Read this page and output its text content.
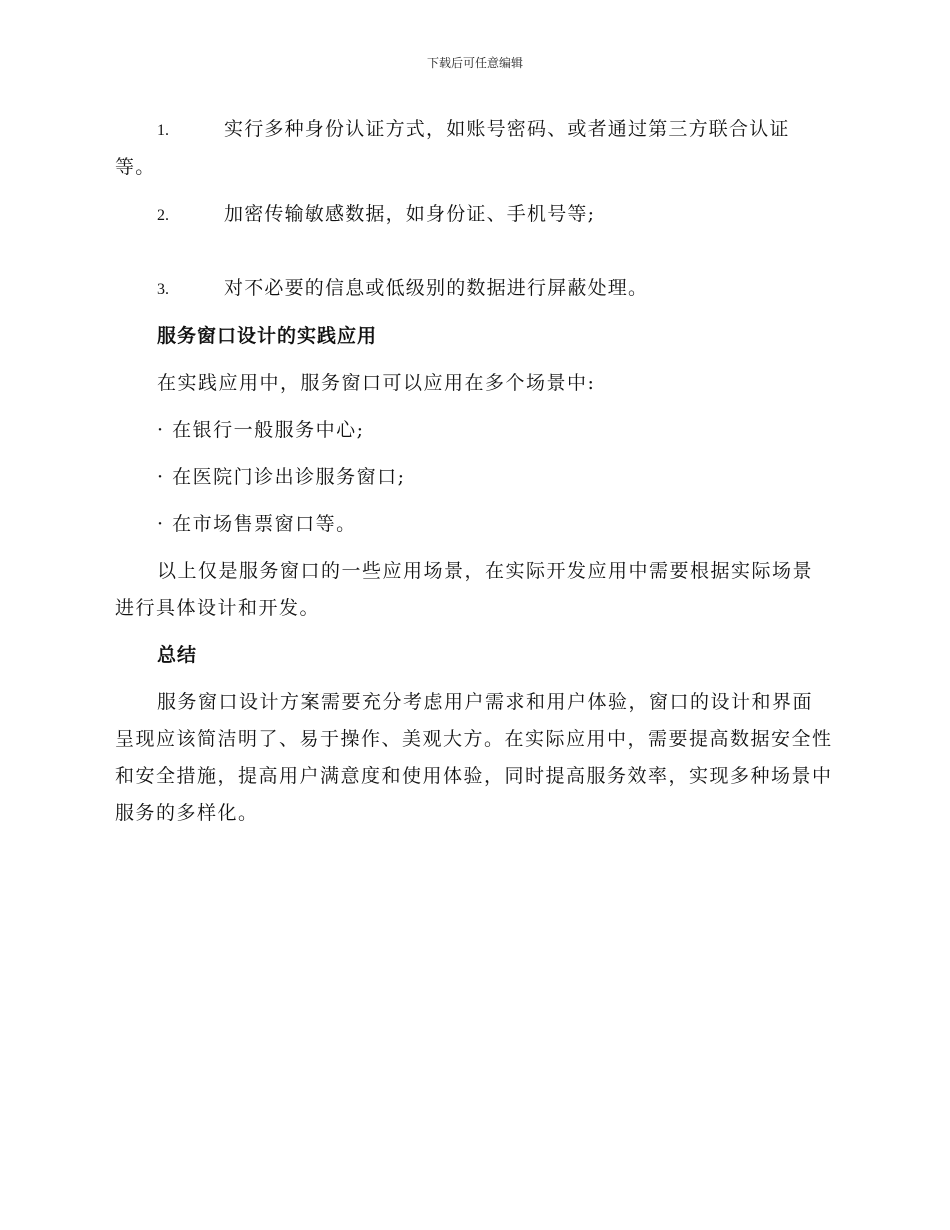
下载后可任意编辑
1.	实行多种身份认证方式，如账号密码、或者通过第三方联合认证
等。
2.	加密传输敏感数据，如身份证、手机号等;
3.	对不必要的信息或低级别的数据进行屏蔽处理。
服务窗口设计的实践应用

在实践应用中，服务窗口可以应用在多个场景中:

· 在银行一般服务中心;

· 在医院门诊出诊服务窗口;

· 在市场售票窗口等。

以上仅是服务窗口的一些应用场景，在实际开发应用中需要根据实际场景进行具体设计和开发。

总结

服务窗口设计方案需要充分考虑用户需求和用户体验，窗口的设计和界面呈现应该简洁明了、易于操作、美观大方。在实际应用中，需要提高数据安全性和安全措施，提高用户满意度和使用体验，同时提高服务效率，实现多种场景中服务的多样化。
